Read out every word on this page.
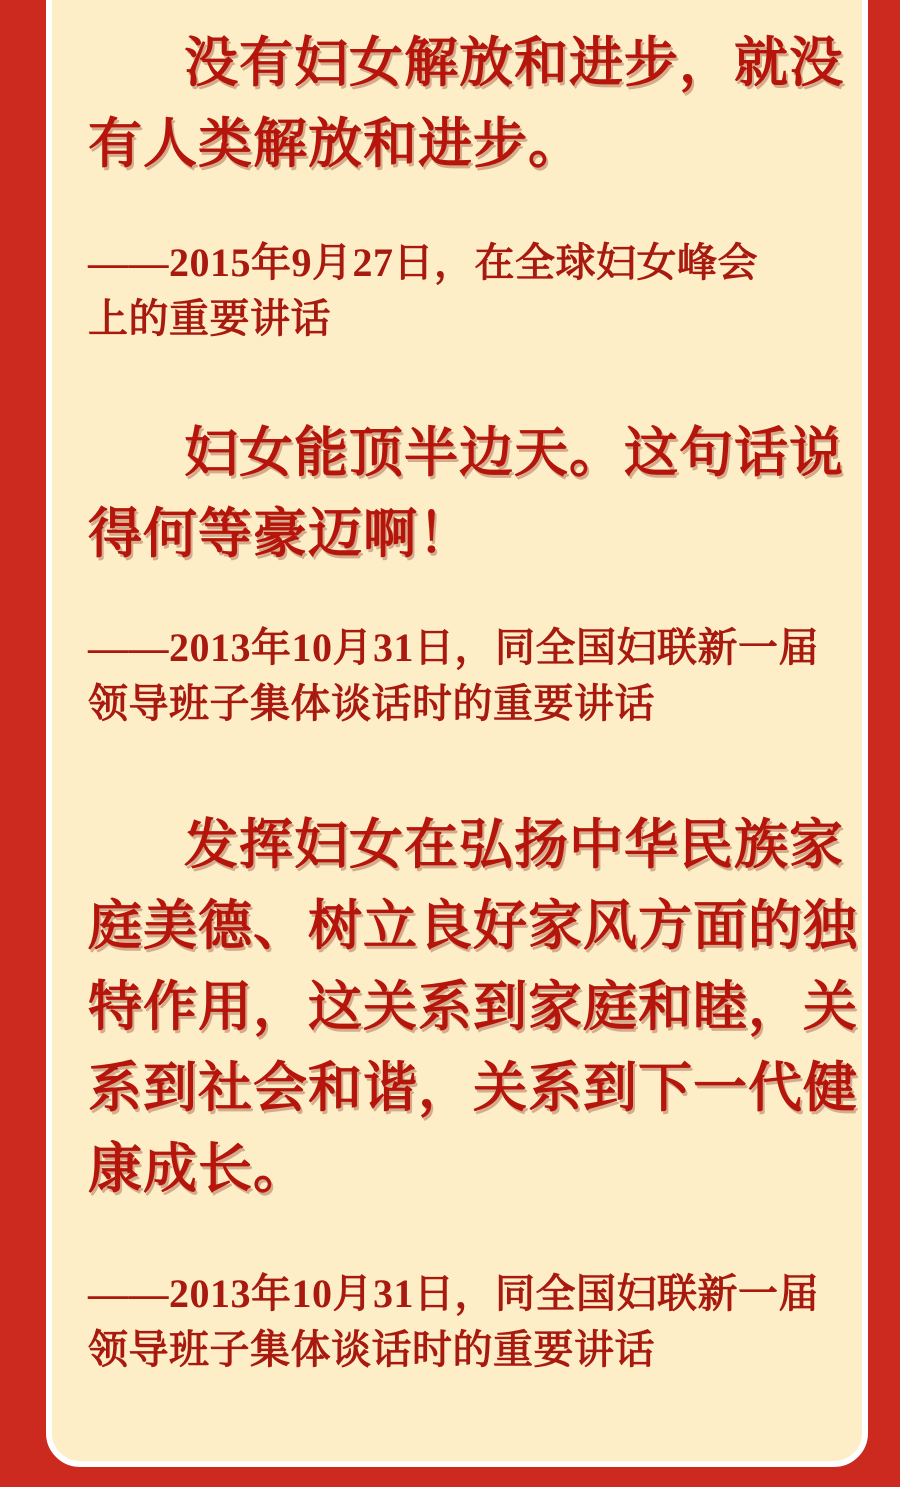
没有妇女解放和进步，就没
有人类解放和进步。

——2015年9月27日，在全球妇女峰会
上的重要讲话

妇女能顶半边天。这句话说
得何等豪迈啊！

——2013年10月31日，同全国妇联新一届
领导班子集体谈话时的重要讲话

发挥妇女在弘扬中华民族家
庭美德、树立良好家风方面的独
特作用，这关系到家庭和睦，关
系到社会和谐，关系到下一代健
康成长。

——2013年10月31日，同全国妇联新一届
领导班子集体谈话时的重要讲话
